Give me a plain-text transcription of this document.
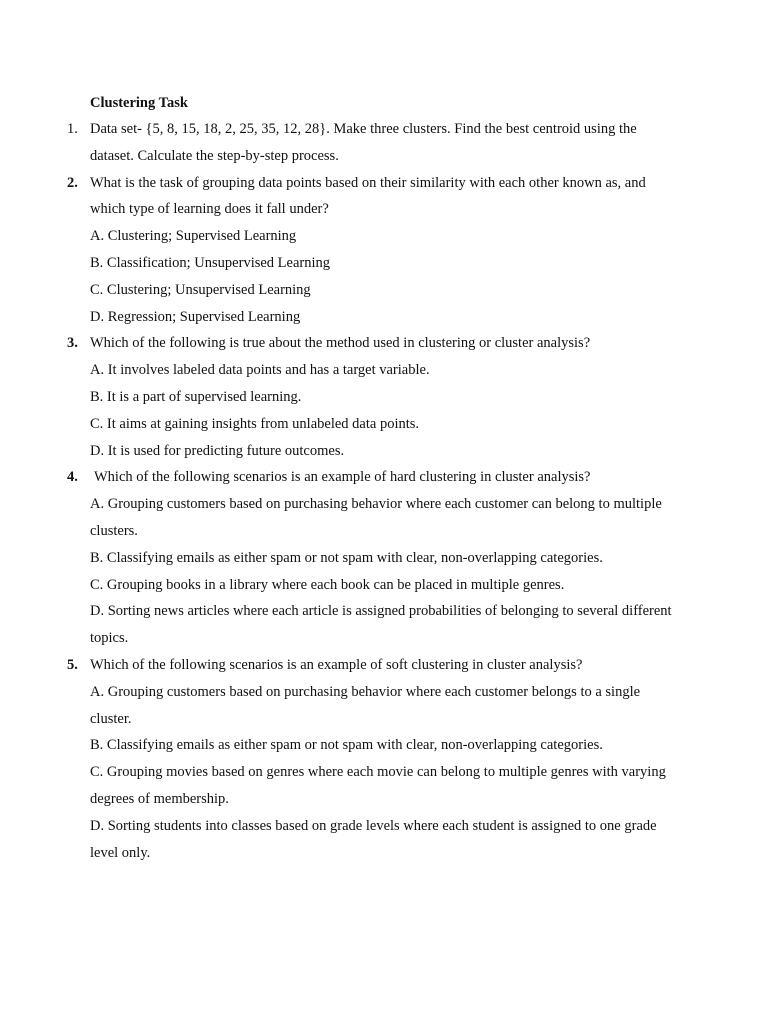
Clustering Task
1. Data set- {5, 8, 15, 18, 2, 25, 35, 12, 28}. Make three clusters. Find the best centroid using the dataset. Calculate the step-by-step process.
2. What is the task of grouping data points based on their similarity with each other known as, and which type of learning does it fall under?
A. Clustering; Supervised Learning
B. Classification; Unsupervised Learning
C. Clustering; Unsupervised Learning
D. Regression; Supervised Learning
3. Which of the following is true about the method used in clustering or cluster analysis?
A. It involves labeled data points and has a target variable.
B. It is a part of supervised learning.
C. It aims at gaining insights from unlabeled data points.
D. It is used for predicting future outcomes.
4. Which of the following scenarios is an example of hard clustering in cluster analysis?
A. Grouping customers based on purchasing behavior where each customer can belong to multiple clusters.
B. Classifying emails as either spam or not spam with clear, non-overlapping categories.
C. Grouping books in a library where each book can be placed in multiple genres.
D. Sorting news articles where each article is assigned probabilities of belonging to several different topics.
5. Which of the following scenarios is an example of soft clustering in cluster analysis?
A. Grouping customers based on purchasing behavior where each customer belongs to a single cluster.
B. Classifying emails as either spam or not spam with clear, non-overlapping categories.
C. Grouping movies based on genres where each movie can belong to multiple genres with varying degrees of membership.
D. Sorting students into classes based on grade levels where each student is assigned to one grade level only.
